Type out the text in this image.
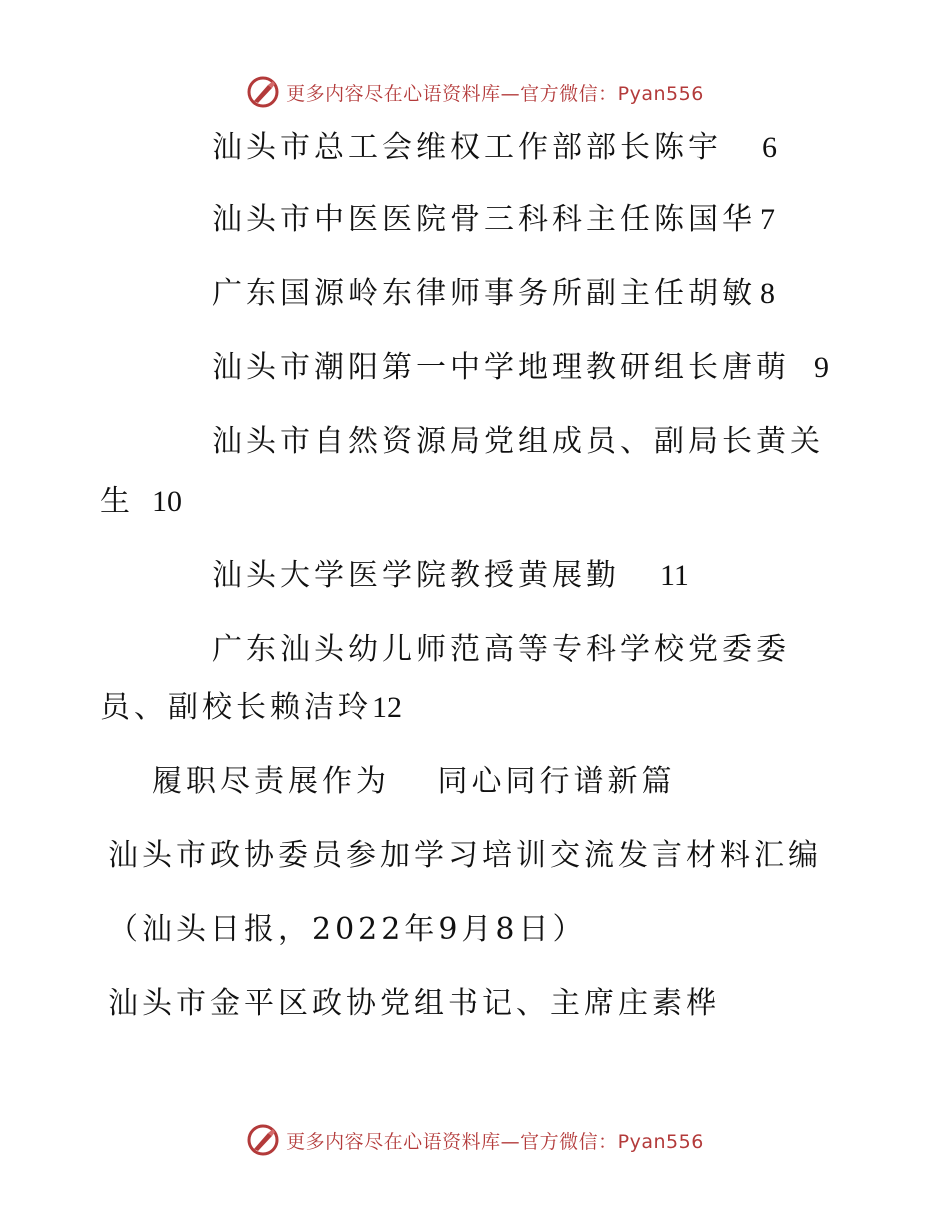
更多内容尽在心语资料库—官方微信：Pyan556
汕头市总工会维权工作部部长陈宇 6
汕头市中医医院骨三科科主任陈国华 7
广东国源岭东律师事务所副主任胡敏 8
汕头市潮阳第一中学地理教研组长唐萌 9
汕头市自然资源局党组成员、副局长黄关
生 10
汕头大学医学院教授黄展勤 11
广东汕头幼儿师范高等专科学校党委委
员、副校长赖洁玲12
履职尽责展作为　 同心同行谱新篇
汕头市政协委员参加学习培训交流发言材料汇编
（汕头日报，2022年9月8日）
汕头市金平区政协党组书记、主席庄素桦
更多内容尽在心语资料库—官方微信：Pyan556
